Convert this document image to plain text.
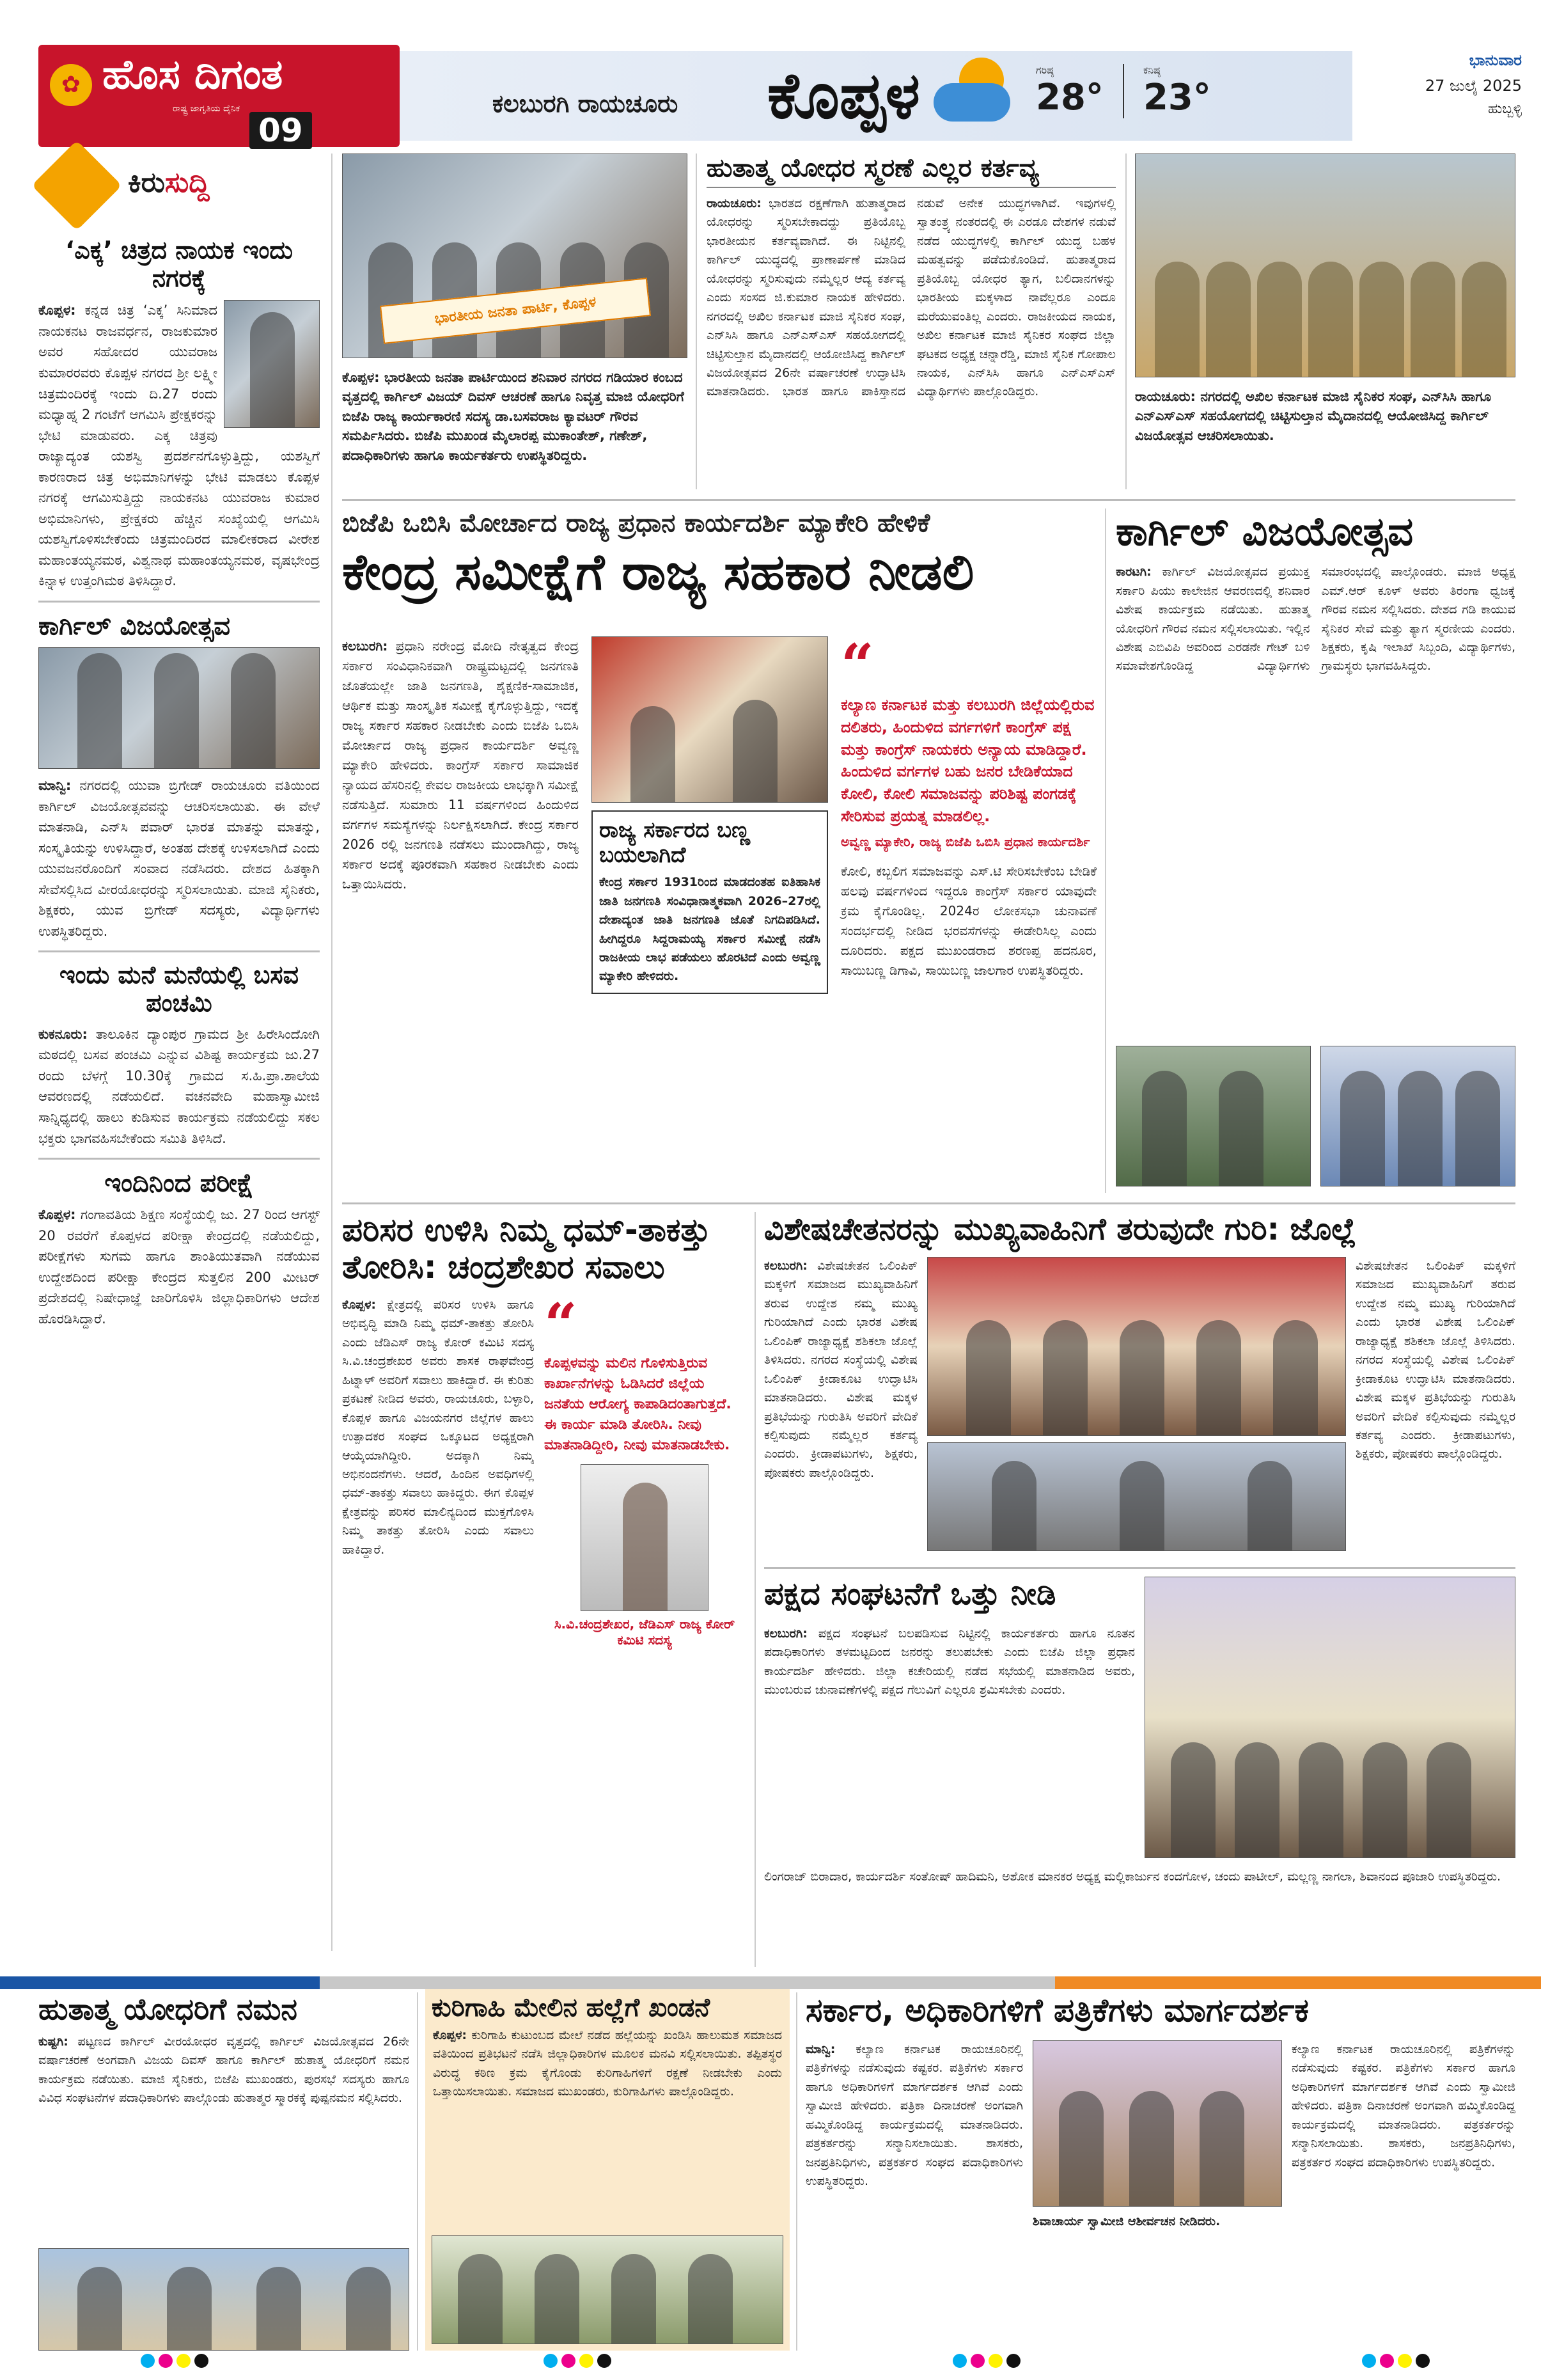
✿ ಹೊಸ ದಿಗಂತ
ರಾಷ್ಟ್ರ ಜಾಗೃತಿಯ ದೈನಿಕ
09
ಕಲಬುರಗಿ ರಾಯಚೂರು ಕೊಪ್ಪಳ	ಗರಿಷ್ಠ
28°
ಕನಿಷ್ಠ
23°
ಭಾನುವಾರ
27 ಜುಲೈ 2025
ಹುಬ್ಬಳ್ಳಿ
ಕಿರುಸುದ್ದಿ
‘ಎಕ್ಕ’ ಚಿತ್ರದ ನಾಯಕ ಇಂದು ನಗರಕ್ಕೆ

ಕೊಪ್ಪಳ: ಕನ್ನಡ ಚಿತ್ರ ‘ಎಕ್ಕ’ ಸಿನಿಮಾದ ನಾಯಕನಟ ರಾಜವರ್ಧನ, ರಾಜಕುಮಾರ ಅವರ ಸಹೋದರ ಯುವರಾಜ ಕುಮಾರರವರು ಕೊಪ್ಪಳ ನಗರದ ಶ್ರೀ ಲಕ್ಷ್ಮೀ ಚಿತ್ರಮಂದಿರಕ್ಕೆ ಇಂದು ದಿ.27 ರಂದು ಮಧ್ಯಾಹ್ನ 2 ಗಂಟೆಗೆ ಆಗಮಿಸಿ ಪ್ರೇಕ್ಷಕರನ್ನು ಭೇಟಿ ಮಾಡುವರು. ಎಕ್ಕ ಚಿತ್ರವು ರಾಜ್ಯಾದ್ಯಂತ ಯಶಸ್ವಿ ಪ್ರದರ್ಶನಗೊಳ್ಳುತ್ತಿದ್ದು, ಯಶಸ್ವಿಗೆ ಕಾರಣರಾದ ಚಿತ್ರ ಅಭಿಮಾನಿಗಳನ್ನು ಭೇಟಿ ಮಾಡಲು ಕೊಪ್ಪಳ ನಗರಕ್ಕೆ ಆಗಮಿಸುತ್ತಿದ್ದು ನಾಯಕನಟ ಯುವರಾಜ ಕುಮಾರ ಅಭಿಮಾನಿಗಳು, ಪ್ರೇಕ್ಷಕರು ಹೆಚ್ಚಿನ ಸಂಖ್ಯೆಯಲ್ಲಿ ಆಗಮಿಸಿ ಯಶಸ್ವಿಗೊಳಿಸಬೇಕೆಂದು ಚಿತ್ರಮಂದಿರದ ಮಾಲೀಕರಾದ ವೀರೇಶ ಮಹಾಂತಯ್ಯನಮಠ, ವಿಶ್ವನಾಥ ಮಹಾಂತಯ್ಯನಮಠ, ವೃಷಭೇಂದ್ರ ಕಿನ್ನಾಳ ಉತ್ತಂಗಿಮಠ ತಿಳಿಸಿದ್ದಾರೆ.

ಕಾರ್ಗಿಲ್ ವಿಜಯೋತ್ಸವ

ಮಾನ್ವಿ: ನಗರದಲ್ಲಿ ಯುವಾ ಬ್ರಿಗೇಡ್ ರಾಯಚೂರು ವತಿಯಿಂದ ಕಾರ್ಗಿಲ್ ವಿಜಯೋತ್ಸವವನ್ನು ಆಚರಿಸಲಾಯಿತು. ಈ ವೇಳೆ ಮಾತನಾಡಿ, ಎನ್‌ಸಿ ಪವಾರ್ ಭಾರತ ಮಾತನ್ನು ಮಾತನ್ನು, ಸಂಸ್ಕೃತಿಯನ್ನು ಉಳಿಸಿದ್ದಾರೆ, ಅಂತಹ ದೇಶಕ್ಕೆ ಉಳಿಸಲಾಗಿದೆ ಎಂದು ಯುವಜನರೊಂದಿಗೆ ಸಂವಾದ ನಡೆಸಿದರು. ದೇಶದ ಹಿತಕ್ಕಾಗಿ ಸೇವೆಸಲ್ಲಿಸಿದ ವೀರಯೋಧರನ್ನು ಸ್ಮರಿಸಲಾಯಿತು. ಮಾಜಿ ಸೈನಿಕರು, ಶಿಕ್ಷಕರು, ಯುವ ಬ್ರಿಗೇಡ್ ಸದಸ್ಯರು, ವಿದ್ಯಾರ್ಥಿಗಳು ಉಪಸ್ಥಿತರಿದ್ದರು.

ಇಂದು ಮನೆ ಮನೆಯಲ್ಲಿ ಬಸವ ಪಂಚಮಿ

ಕುಕನೂರು: ತಾಲೂಕಿನ ದ್ಯಾಂಪುರ ಗ್ರಾಮದ ಶ್ರೀ ಹಿರೇಸಿಂದೋಗಿ ಮಠದಲ್ಲಿ ಬಸವ ಪಂಚಮಿ ಎನ್ನುವ ವಿಶಿಷ್ಟ ಕಾರ್ಯಕ್ರಮ ಜು.27 ರಂದು ಬೆಳಗ್ಗೆ 10.30ಕ್ಕೆ ಗ್ರಾಮದ ಸ.ಹಿ.ಪ್ರಾ.ಶಾಲೆಯ ಆವರಣದಲ್ಲಿ ನಡೆಯಲಿದೆ. ವಚನವೇದಿ ಮಹಾಸ್ವಾಮೀಜಿ ಸಾನ್ನಿಧ್ಯದಲ್ಲಿ ಹಾಲು ಕುಡಿಸುವ ಕಾರ್ಯಕ್ರಮ ನಡೆಯಲಿದ್ದು ಸಕಲ ಭಕ್ತರು ಭಾಗವಹಿಸಬೇಕೆಂದು ಸಮಿತಿ ತಿಳಿಸಿದೆ.

ಇಂದಿನಿಂದ ಪರೀಕ್ಷೆ

ಕೊಪ್ಪಳ: ಗಂಗಾವತಿಯ ಶಿಕ್ಷಣ ಸಂಸ್ಥೆಯಲ್ಲಿ ಜು. 27 ರಿಂದ ಆಗಸ್ಟ್ 20 ರವರೆಗೆ ಕೊಪ್ಪಳದ ಪರೀಕ್ಷಾ ಕೇಂದ್ರದಲ್ಲಿ ನಡೆಯಲಿದ್ದು, ಪರೀಕ್ಷೆಗಳು ಸುಗಮ ಹಾಗೂ ಶಾಂತಿಯುತವಾಗಿ ನಡೆಯುವ ಉದ್ದೇಶದಿಂದ ಪರೀಕ್ಷಾ ಕೇಂದ್ರದ ಸುತ್ತಲಿನ 200 ಮೀಟರ್ ಪ್ರದೇಶದಲ್ಲಿ ನಿಷೇಧಾಜ್ಞೆ ಜಾರಿಗೊಳಿಸಿ ಜಿಲ್ಲಾಧಿಕಾರಿಗಳು ಆದೇಶ ಹೊರಡಿಸಿದ್ದಾರೆ.

ಭಾರತೀಯ ಜನತಾ ಪಾರ್ಟಿ, ಕೊಪ್ಪಳ

ಕೊಪ್ಪಳ: ಭಾರತೀಯ ಜನತಾ ಪಾರ್ಟಿಯಿಂದ ಶನಿವಾರ ನಗರದ ಗಡಿಯಾರ ಕಂಬದ ವೃತ್ತದಲ್ಲಿ ಕಾರ್ಗಿಲ್ ವಿಜಯ್ ದಿವಸ್ ಆಚರಣೆ ಹಾಗೂ ನಿವೃತ್ತ ಮಾಜಿ ಯೋಧರಿಗೆ ಬಿಜೆಪಿ ರಾಜ್ಯ ಕಾರ್ಯಕಾರಣಿ ಸದಸ್ಯ ಡಾ.ಬಸವರಾಜ ಕ್ಯಾವಟರ್ ಗೌರವ ಸಮರ್ಪಿಸಿದರು. ಬಿಜೆಪಿ ಮುಖಂಡ ಮೈಲಾರಪ್ಪ ಮುಕಾಂತೇಶ್, ಗಣೇಶ್, ಪದಾಧಿಕಾರಿಗಳು ಹಾಗೂ ಕಾರ್ಯಕರ್ತರು ಉಪಸ್ಥಿತರಿದ್ದರು.

ಹುತಾತ್ಮ ಯೋಧರ ಸ್ಮರಣೆ ಎಲ್ಲರ ಕರ್ತವ್ಯ

ರಾಯಚೂರು: ಭಾರತದ ರಕ್ಷಣೆಗಾಗಿ ಹುತಾತ್ಮರಾದ ಯೋಧರನ್ನು ಸ್ಮರಿಸಬೇಕಾದದ್ದು ಪ್ರತಿಯೊಬ್ಬ ಭಾರತೀಯನ ಕರ್ತವ್ಯವಾಗಿದೆ. ಈ ನಿಟ್ಟಿನಲ್ಲಿ ಕಾರ್ಗಿಲ್ ಯುದ್ಧದಲ್ಲಿ ಪ್ರಾಣಾರ್ಪಣೆ ಮಾಡಿದ ಯೋಧರನ್ನು ಸ್ಮರಿಸುವುದು ನಮ್ಮೆಲ್ಲರ ಆದ್ಯ ಕರ್ತವ್ಯ ಎಂದು ಸಂಸದ ಜಿ.ಕುಮಾರ ನಾಯಕ ಹೇಳಿದರು. ನಗರದಲ್ಲಿ ಅಖಿಲ ಕರ್ನಾಟಕ ಮಾಜಿ ಸೈನಿಕರ ಸಂಘ, ಎನ್‌ಸಿಸಿ ಹಾಗೂ ಎನ್‌ಎಸ್‌ಎಸ್ ಸಹಯೋಗದಲ್ಲಿ ಚಿಟ್ಟಿಸುಲ್ತಾನ ಮೈದಾನದಲ್ಲಿ ಆಯೋಜಿಸಿದ್ದ ಕಾರ್ಗಿಲ್ ವಿಜಯೋತ್ಸವದ 26ನೇ ವರ್ಷಾಚರಣೆ ಉದ್ಘಾಟಿಸಿ ಮಾತನಾಡಿದರು. ಭಾರತ ಹಾಗೂ ಪಾಕಿಸ್ತಾನದ ನಡುವೆ ಅನೇಕ ಯುದ್ಧಗಳಾಗಿವೆ. ಇವುಗಳಲ್ಲಿ ಸ್ವಾತಂತ್ರ್ಯ ನಂತರದಲ್ಲಿ ಈ ಎರಡೂ ದೇಶಗಳ ನಡುವೆ ನಡೆದ ಯುದ್ಧಗಳಲ್ಲಿ ಕಾರ್ಗಿಲ್ ಯುದ್ಧ ಬಹಳ ಮಹತ್ವವನ್ನು ಪಡೆದುಕೊಂಡಿದೆ. ಹುತಾತ್ಮರಾದ ಪ್ರತಿಯೊಬ್ಬ ಯೋಧರ ತ್ಯಾಗ, ಬಲಿದಾನಗಳನ್ನು ಭಾರತೀಯ ಮಕ್ಕಳಾದ ನಾವೆಲ್ಲರೂ ಎಂದೂ ಮರೆಯುವಂತಿಲ್ಲ ಎಂದರು. ರಾಜಕೀಯದ ನಾಯಕ, ಅಖಿಲ ಕರ್ನಾಟಕ ಮಾಜಿ ಸೈನಿಕರ ಸಂಘದ ಜಿಲ್ಲಾ ಘಟಕದ ಅಧ್ಯಕ್ಷ ಚನ್ನಾರೆಡ್ಡಿ, ಮಾಜಿ ಸೈನಿಕ ಗೋಪಾಲ ನಾಯಕ, ಎನ್‌ಸಿಸಿ ಹಾಗೂ ಎನ್‌ಎಸ್‌ಎಸ್ ವಿದ್ಯಾರ್ಥಿಗಳು ಪಾಲ್ಗೊಂಡಿದ್ದರು.	ರಾಯಚೂರು: ನಗರದಲ್ಲಿ ಅಖಿಲ ಕರ್ನಾಟಕ ಮಾಜಿ ಸೈನಿಕರ ಸಂಘ, ಎನ್‌ಸಿಸಿ ಹಾಗೂ ಎನ್‌ಎಸ್‌ಎಸ್ ಸಹಯೋಗದಲ್ಲಿ ಚಿಟ್ಟಿಸುಲ್ತಾನ ಮೈದಾನದಲ್ಲಿ ಆಯೋಜಿಸಿದ್ದ ಕಾರ್ಗಿಲ್ ವಿಜಯೋತ್ಸವ ಆಚರಿಸಲಾಯಿತು.

ಬಿಜೆಪಿ ಒಬಿಸಿ ಮೋರ್ಚಾದ ರಾಜ್ಯ ಪ್ರಧಾನ ಕಾರ್ಯದರ್ಶಿ ಮ್ಯಾಕೇರಿ ಹೇಳಿಕೆ
ಕೇಂದ್ರ ಸಮೀಕ್ಷೆಗೆ ರಾಜ್ಯ ಸಹಕಾರ ನೀಡಲಿ

ಕಲಬುರಗಿ: ಪ್ರಧಾನಿ ನರೇಂದ್ರ ಮೋದಿ ನೇತೃತ್ವದ ಕೇಂದ್ರ ಸರ್ಕಾರ ಸಂವಿಧಾನಿಕವಾಗಿ ರಾಷ್ಟ್ರಮಟ್ಟದಲ್ಲಿ ಜನಗಣತಿ ಜೊತೆಯಲ್ಲೇ ಜಾತಿ ಜನಗಣತಿ, ಶೈಕ್ಷಣಿಕ-ಸಾಮಾಜಿಕ, ಆರ್ಥಿಕ ಮತ್ತು ಸಾಂಸ್ಕೃತಿಕ ಸಮೀಕ್ಷೆ ಕೈಗೊಳ್ಳುತ್ತಿದ್ದು, ಇದಕ್ಕೆ ರಾಜ್ಯ ಸರ್ಕಾರ ಸಹಕಾರ ನೀಡಬೇಕು ಎಂದು ಬಿಜೆಪಿ ಒಬಿಸಿ ಮೋರ್ಚಾದ ರಾಜ್ಯ ಪ್ರಧಾನ ಕಾರ್ಯದರ್ಶಿ ಅವ್ವಣ್ಣ ಮ್ಯಾಕೇರಿ ಹೇಳಿದರು. ಕಾಂಗ್ರೆಸ್ ಸರ್ಕಾರ ಸಾಮಾಜಿಕ ನ್ಯಾಯದ ಹೆಸರಿನಲ್ಲಿ ಕೇವಲ ರಾಜಕೀಯ ಲಾಭಕ್ಕಾಗಿ ಸಮೀಕ್ಷೆ ನಡೆಸುತ್ತಿದೆ. ಸುಮಾರು 11 ವರ್ಷಗಳಿಂದ ಹಿಂದುಳಿದ ವರ್ಗಗಳ ಸಮಸ್ಯೆಗಳನ್ನು ನಿರ್ಲಕ್ಷಿಸಲಾಗಿದೆ. ಕೇಂದ್ರ ಸರ್ಕಾರ 2026 ರಲ್ಲಿ ಜನಗಣತಿ ನಡೆಸಲು ಮುಂದಾಗಿದ್ದು, ರಾಜ್ಯ ಸರ್ಕಾರ ಅದಕ್ಕೆ ಪೂರಕವಾಗಿ ಸಹಕಾರ ನೀಡಬೇಕು ಎಂದು ಒತ್ತಾಯಿಸಿದರು.

ರಾಜ್ಯ ಸರ್ಕಾರದ ಬಣ್ಣ ಬಯಲಾಗಿದೆ

ಕೇಂದ್ರ ಸರ್ಕಾರ 1931ರಿಂದ ಮಾಡದಂತಹ ಐತಿಹಾಸಿಕ ಜಾತಿ ಜನಗಣತಿ ಸಂವಿಧಾನಾತ್ಮಕವಾಗಿ 2026–27ರಲ್ಲಿ ದೇಶಾದ್ಯಂತ ಜಾತಿ ಜನಗಣತಿ ಜೊತೆ ನಿಗದಿಪಡಿಸಿದೆ. ಹೀಗಿದ್ದರೂ ಸಿದ್ದರಾಮಯ್ಯ ಸರ್ಕಾರ ಸಮೀಕ್ಷೆ ನಡೆಸಿ ರಾಜಕೀಯ ಲಾಭ ಪಡೆಯಲು ಹೊರಟಿದೆ ಎಂದು ಅವ್ವಣ್ಣ ಮ್ಯಾಕೇರಿ ಹೇಳಿದರು.

“

ಕಲ್ಯಾಣ ಕರ್ನಾಟಕ ಮತ್ತು ಕಲಬುರಗಿ ಜಿಲ್ಲೆಯಲ್ಲಿರುವ ದಲಿತರು, ಹಿಂದುಳಿದ ವರ್ಗಗಳಿಗೆ ಕಾಂಗ್ರೆಸ್ ಪಕ್ಷ ಮತ್ತು ಕಾಂಗ್ರೆಸ್ ನಾಯಕರು ಅನ್ಯಾಯ ಮಾಡಿದ್ದಾರೆ. ಹಿಂದುಳಿದ ವರ್ಗಗಳ ಬಹು ಜನರ ಬೇಡಿಕೆಯಾದ ಕೋಲಿ, ಕೋಲಿ ಸಮಾಜವನ್ನು ಪರಿಶಿಷ್ಟ ಪಂಗಡಕ್ಕೆ ಸೇರಿಸುವ ಪ್ರಯತ್ನ ಮಾಡಲಿಲ್ಲ.

ಅವ್ವಣ್ಣ ಮ್ಯಾಕೇರಿ, ರಾಜ್ಯ ಬಿಜೆಪಿ ಒಬಿಸಿ ಪ್ರಧಾನ ಕಾರ್ಯದರ್ಶಿ

ಕೋಲಿ, ಕಬ್ಬಲಿಗ ಸಮಾಜವನ್ನು ಎಸ್.ಟಿ ಸೇರಿಸಬೇಕೆಂಬ ಬೇಡಿಕೆ ಹಲವು ವರ್ಷಗಳಿಂದ ಇದ್ದರೂ ಕಾಂಗ್ರೆಸ್ ಸರ್ಕಾರ ಯಾವುದೇ ಕ್ರಮ ಕೈಗೊಂಡಿಲ್ಲ. 2024ರ ಲೋಕಸಭಾ ಚುನಾವಣೆ ಸಂದರ್ಭದಲ್ಲಿ ನೀಡಿದ ಭರವಸೆಗಳನ್ನು ಈಡೇರಿಸಿಲ್ಲ ಎಂದು ದೂರಿದರು. ಪಕ್ಷದ ಮುಖಂಡರಾದ ಶರಣಪ್ಪ ಹದನೂರ, ಸಾಯಿಬಣ್ಣ ಡಿಗಾವಿ, ಸಾಯಿಬಣ್ಣ ಜಾಲಗಾರ ಉಪಸ್ಥಿತರಿದ್ದರು.

ಕಾರ್ಗಿಲ್ ವಿಜಯೋತ್ಸವ

ಕಾರಟಗಿ: ಕಾರ್ಗಿಲ್ ವಿಜಯೋತ್ಸವದ ಪ್ರಯುಕ್ತ ಸರ್ಕಾರಿ ಪಿಯು ಕಾಲೇಜಿನ ಆವರಣದಲ್ಲಿ ಶನಿವಾರ ವಿಶೇಷ ಕಾರ್ಯಕ್ರಮ ನಡೆಯಿತು. ಹುತಾತ್ಮ ಯೋಧರಿಗೆ ಗೌರವ ನಮನ ಸಲ್ಲಿಸಲಾಯಿತು. ಇಲ್ಲಿನ ವಿಶೇಷ ಎಬಿವಿಪಿ ಅವರಿಂದ ಎರಡನೇ ಗೇಟ್ ಬಳಿ ಸಮಾವೇಶಗೊಂಡಿದ್ದ ವಿದ್ಯಾರ್ಥಿಗಳು ಸಮಾರಂಭದಲ್ಲಿ ಪಾಲ್ಗೊಂಡರು. ಮಾಜಿ ಅಧ್ಯಕ್ಷ ಎಮ್.ಆರ್ ಕೂಳ್ ಅವರು ತಿರಂಗಾ ಧ್ವಜಕ್ಕೆ ಗೌರವ ನಮನ ಸಲ್ಲಿಸಿದರು. ದೇಶದ ಗಡಿ ಕಾಯುವ ಸೈನಿಕರ ಸೇವೆ ಮತ್ತು ತ್ಯಾಗ ಸ್ಮರಣೀಯ ಎಂದರು. ಶಿಕ್ಷಕರು, ಕೃಷಿ ಇಲಾಖೆ ಸಿಬ್ಬಂದಿ, ವಿದ್ಯಾರ್ಥಿಗಳು, ಗ್ರಾಮಸ್ಥರು ಭಾಗವಹಿಸಿದ್ದರು.

ಪರಿಸರ ಉಳಿಸಿ ನಿಮ್ಮ ಧಮ್-ತಾಕತ್ತು ತೋರಿಸಿ: ಚಂದ್ರಶೇಖರ ಸವಾಲು

ಕೊಪ್ಪಳ: ಕ್ಷೇತ್ರದಲ್ಲಿ ಪರಿಸರ ಉಳಿಸಿ ಹಾಗೂ ಅಭಿವೃದ್ಧಿ ಮಾಡಿ ನಿಮ್ಮ ಧಮ್-ತಾಕತ್ತು ತೋರಿಸಿ ಎಂದು ಜೆಡಿಎಸ್ ರಾಜ್ಯ ಕೋರ್ ಕಮಿಟಿ ಸದಸ್ಯ ಸಿ.ವಿ.ಚಂದ್ರಶೇಖರ ಅವರು ಶಾಸಕ ರಾಘವೇಂದ್ರ ಹಿಟ್ನಾಳ್ ಅವರಿಗೆ ಸವಾಲು ಹಾಕಿದ್ದಾರೆ. ಈ ಕುರಿತು ಪ್ರಕಟಣೆ ನೀಡಿದ ಅವರು, ರಾಯಚೂರು, ಬಳ್ಳಾರಿ, ಕೊಪ್ಪಳ ಹಾಗೂ ವಿಜಯನಗರ ಜಿಲ್ಲೆಗಳ ಹಾಲು ಉತ್ಪಾದಕರ ಸಂಘದ ಒಕ್ಕೂಟದ ಅಧ್ಯಕ್ಷರಾಗಿ ಆಯ್ಕೆಯಾಗಿದ್ದೀರಿ. ಅದಕ್ಕಾಗಿ ನಿಮ್ಮ ಅಭಿನಂದನೆಗಳು. ಆದರೆ, ಹಿಂದಿನ ಅವಧಿಗಳಲ್ಲಿ ಧಮ್-ತಾಕತ್ತು ಸವಾಲು ಹಾಕಿದ್ದರು. ಈಗ ಕೊಪ್ಪಳ ಕ್ಷೇತ್ರವನ್ನು ಪರಿಸರ ಮಾಲಿನ್ಯದಿಂದ ಮುಕ್ತಗೊಳಿಸಿ ನಿಮ್ಮ ತಾಕತ್ತು ತೋರಿಸಿ ಎಂದು ಸವಾಲು ಹಾಕಿದ್ದಾರೆ.

“

ಕೊಪ್ಪಳವನ್ನು ಮಲಿನ ಗೊಳಿಸುತ್ತಿರುವ ಕಾರ್ಖಾನೆಗಳನ್ನು ಓಡಿಸಿದರೆ ಜಿಲ್ಲೆಯ ಜನತೆಯ ಆರೋಗ್ಯ ಕಾಪಾಡಿದಂತಾಗುತ್ತದೆ. ಈ ಕಾರ್ಯ ಮಾಡಿ ತೋರಿಸಿ. ನೀವು ಮಾತನಾಡಿದ್ದೀರಿ, ನೀವು ಮಾತನಾಡಬೇಕು.

ಸಿ.ವಿ.ಚಂದ್ರಶೇಖರ, ಜೆಡಿಎಸ್ ರಾಜ್ಯ ಕೋರ್ ಕಮಿಟಿ ಸದಸ್ಯ

ವಿಶೇಷಚೇತನರನ್ನು ಮುಖ್ಯವಾಹಿನಿಗೆ ತರುವುದೇ ಗುರಿ: ಜೊಲ್ಲೆ

ಕಲಬುರಗಿ: ವಿಶೇಷಚೇತನ ಒಲಿಂಪಿಕ್ ಮಕ್ಕಳಿಗೆ ಸಮಾಜದ ಮುಖ್ಯವಾಹಿನಿಗೆ ತರುವ ಉದ್ದೇಶ ನಮ್ಮ ಮುಖ್ಯ ಗುರಿಯಾಗಿದೆ ಎಂದು ಭಾರತ ವಿಶೇಷ ಒಲಿಂಪಿಕ್ ರಾಜ್ಯಾಧ್ಯಕ್ಷೆ ಶಶಿಕಲಾ ಜೊಲ್ಲೆ ತಿಳಿಸಿದರು. ನಗರದ ಸಂಸ್ಥೆಯಲ್ಲಿ ವಿಶೇಷ ಒಲಿಂಪಿಕ್ ಕ್ರೀಡಾಕೂಟ ಉದ್ಘಾಟಿಸಿ ಮಾತನಾಡಿದರು. ವಿಶೇಷ ಮಕ್ಕಳ ಪ್ರತಿಭೆಯನ್ನು ಗುರುತಿಸಿ ಅವರಿಗೆ ವೇದಿಕೆ ಕಲ್ಪಿಸುವುದು ನಮ್ಮೆಲ್ಲರ ಕರ್ತವ್ಯ ಎಂದರು. ಕ್ರೀಡಾಪಟುಗಳು, ಶಿಕ್ಷಕರು, ಪೋಷಕರು ಪಾಲ್ಗೊಂಡಿದ್ದರು.

ವಿಶೇಷಚೇತನ ಒಲಿಂಪಿಕ್ ಮಕ್ಕಳಿಗೆ ಸಮಾಜದ ಮುಖ್ಯವಾಹಿನಿಗೆ ತರುವ ಉದ್ದೇಶ ನಮ್ಮ ಮುಖ್ಯ ಗುರಿಯಾಗಿದೆ ಎಂದು ಭಾರತ ವಿಶೇಷ ಒಲಿಂಪಿಕ್ ರಾಜ್ಯಾಧ್ಯಕ್ಷೆ ಶಶಿಕಲಾ ಜೊಲ್ಲೆ ತಿಳಿಸಿದರು. ನಗರದ ಸಂಸ್ಥೆಯಲ್ಲಿ ವಿಶೇಷ ಒಲಿಂಪಿಕ್ ಕ್ರೀಡಾಕೂಟ ಉದ್ಘಾಟಿಸಿ ಮಾತನಾಡಿದರು. ವಿಶೇಷ ಮಕ್ಕಳ ಪ್ರತಿಭೆಯನ್ನು ಗುರುತಿಸಿ ಅವರಿಗೆ ವೇದಿಕೆ ಕಲ್ಪಿಸುವುದು ನಮ್ಮೆಲ್ಲರ ಕರ್ತವ್ಯ ಎಂದರು. ಕ್ರೀಡಾಪಟುಗಳು, ಶಿಕ್ಷಕರು, ಪೋಷಕರು ಪಾಲ್ಗೊಂಡಿದ್ದರು.

ಪಕ್ಷದ ಸಂಘಟನೆಗೆ ಒತ್ತು ನೀಡಿ

ಕಲಬುರಗಿ: ಪಕ್ಷದ ಸಂಘಟನೆ ಬಲಪಡಿಸುವ ನಿಟ್ಟಿನಲ್ಲಿ ಕಾರ್ಯಕರ್ತರು ಹಾಗೂ ನೂತನ ಪದಾಧಿಕಾರಿಗಳು ತಳಮಟ್ಟದಿಂದ ಜನರನ್ನು ತಲುಪಬೇಕು ಎಂದು ಬಿಜೆಪಿ ಜಿಲ್ಲಾ ಪ್ರಧಾನ ಕಾರ್ಯದರ್ಶಿ ಹೇಳಿದರು. ಜಿಲ್ಲಾ ಕಚೇರಿಯಲ್ಲಿ ನಡೆದ ಸಭೆಯಲ್ಲಿ ಮಾತನಾಡಿದ ಅವರು, ಮುಂಬರುವ ಚುನಾವಣೆಗಳಲ್ಲಿ ಪಕ್ಷದ ಗೆಲುವಿಗೆ ಎಲ್ಲರೂ ಶ್ರಮಿಸಬೇಕು ಎಂದರು.

ಲಿಂಗರಾಜ್ ಬಿರಾದಾರ, ಕಾರ್ಯದರ್ಶಿ ಸಂತೋಷ್ ಹಾದಿಮನಿ, ಅಶೋಕ ಮಾನಕರ ಅಧ್ಯಕ್ಷ ಮಲ್ಲಿಕಾರ್ಜುನ ಕಂದಗೋಳ, ಚಂದು ಪಾಟೀಲ್, ಮಲ್ಲಣ್ಣ ನಾಗಲಾ, ಶಿವಾನಂದ ಪೂಜಾರಿ ಉಪಸ್ಥಿತರಿದ್ದರು.

ಹುತಾತ್ಮ ಯೋಧರಿಗೆ ನಮನ

ಕುಷ್ಟಗಿ: ಪಟ್ಟಣದ ಕಾರ್ಗಿಲ್ ವೀರಯೋಧರ ವೃತ್ತದಲ್ಲಿ ಕಾರ್ಗಿಲ್ ವಿಜಯೋತ್ಸವದ 26ನೇ ವರ್ಷಾಚರಣೆ ಅಂಗವಾಗಿ ವಿಜಯ ದಿವಸ್ ಹಾಗೂ ಕಾರ್ಗಿಲ್ ಹುತಾತ್ಮ ಯೋಧರಿಗೆ ನಮನ ಕಾರ್ಯಕ್ರಮ ನಡೆಯಿತು. ಮಾಜಿ ಸೈನಿಕರು, ಬಿಜೆಪಿ ಮುಖಂಡರು, ಪುರಸಭೆ ಸದಸ್ಯರು ಹಾಗೂ ವಿವಿಧ ಸಂಘಟನೆಗಳ ಪದಾಧಿಕಾರಿಗಳು ಪಾಲ್ಗೊಂಡು ಹುತಾತ್ಮರ ಸ್ಮಾರಕಕ್ಕೆ ಪುಷ್ಪನಮನ ಸಲ್ಲಿಸಿದರು.

ಕುರಿಗಾಹಿ ಮೇಲಿನ ಹಲ್ಲೆಗೆ ಖಂಡನೆ

ಕೊಪ್ಪಳ: ಕುರಿಗಾಹಿ ಕುಟುಂಬದ ಮೇಲೆ ನಡೆದ ಹಲ್ಲೆಯನ್ನು ಖಂಡಿಸಿ ಹಾಲುಮತ ಸಮಾಜದ ವತಿಯಿಂದ ಪ್ರತಿಭಟನೆ ನಡೆಸಿ ಜಿಲ್ಲಾಧಿಕಾರಿಗಳ ಮೂಲಕ ಮನವಿ ಸಲ್ಲಿಸಲಾಯಿತು. ತಪ್ಪಿತಸ್ಥರ ವಿರುದ್ಧ ಕಠಿಣ ಕ್ರಮ ಕೈಗೊಂಡು ಕುರಿಗಾಹಿಗಳಿಗೆ ರಕ್ಷಣೆ ನೀಡಬೇಕು ಎಂದು ಒತ್ತಾಯಿಸಲಾಯಿತು. ಸಮಾಜದ ಮುಖಂಡರು, ಕುರಿಗಾಹಿಗಳು ಪಾಲ್ಗೊಂಡಿದ್ದರು.

ಸರ್ಕಾರ, ಅಧಿಕಾರಿಗಳಿಗೆ ಪತ್ರಿಕೆಗಳು ಮಾರ್ಗದರ್ಶಕ

ಮಾನ್ವಿ: ಕಲ್ಯಾಣ ಕರ್ನಾಟಕ ರಾಯಚೂರಿನಲ್ಲಿ ಪತ್ರಿಕೆಗಳನ್ನು ನಡೆಸುವುದು ಕಷ್ಟಕರ. ಪತ್ರಿಕೆಗಳು ಸರ್ಕಾರ ಹಾಗೂ ಅಧಿಕಾರಿಗಳಿಗೆ ಮಾರ್ಗದರ್ಶಕ ಆಗಿವೆ ಎಂದು ಸ್ವಾಮೀಜಿ ಹೇಳಿದರು. ಪತ್ರಿಕಾ ದಿನಾಚರಣೆ ಅಂಗವಾಗಿ ಹಮ್ಮಿಕೊಂಡಿದ್ದ ಕಾರ್ಯಕ್ರಮದಲ್ಲಿ ಮಾತನಾಡಿದರು. ಪತ್ರಕರ್ತರನ್ನು ಸನ್ಮಾನಿಸಲಾಯಿತು. ಶಾಸಕರು, ಜನಪ್ರತಿನಿಧಿಗಳು, ಪತ್ರಕರ್ತರ ಸಂಘದ ಪದಾಧಿಕಾರಿಗಳು ಉಪಸ್ಥಿತರಿದ್ದರು.

ಶಿವಾಚಾರ್ಯ ಸ್ವಾಮೀಜಿ ಆಶೀರ್ವಚನ ನೀಡಿದರು.

ಕಲ್ಯಾಣ ಕರ್ನಾಟಕ ರಾಯಚೂರಿನಲ್ಲಿ ಪತ್ರಿಕೆಗಳನ್ನು ನಡೆಸುವುದು ಕಷ್ಟಕರ. ಪತ್ರಿಕೆಗಳು ಸರ್ಕಾರ ಹಾಗೂ ಅಧಿಕಾರಿಗಳಿಗೆ ಮಾರ್ಗದರ್ಶಕ ಆಗಿವೆ ಎಂದು ಸ್ವಾಮೀಜಿ ಹೇಳಿದರು. ಪತ್ರಿಕಾ ದಿನಾಚರಣೆ ಅಂಗವಾಗಿ ಹಮ್ಮಿಕೊಂಡಿದ್ದ ಕಾರ್ಯಕ್ರಮದಲ್ಲಿ ಮಾತನಾಡಿದರು. ಪತ್ರಕರ್ತರನ್ನು ಸನ್ಮಾನಿಸಲಾಯಿತು. ಶಾಸಕರು, ಜನಪ್ರತಿನಿಧಿಗಳು, ಪತ್ರಕರ್ತರ ಸಂಘದ ಪದಾಧಿಕಾರಿಗಳು ಉಪಸ್ಥಿತರಿದ್ದರು.
